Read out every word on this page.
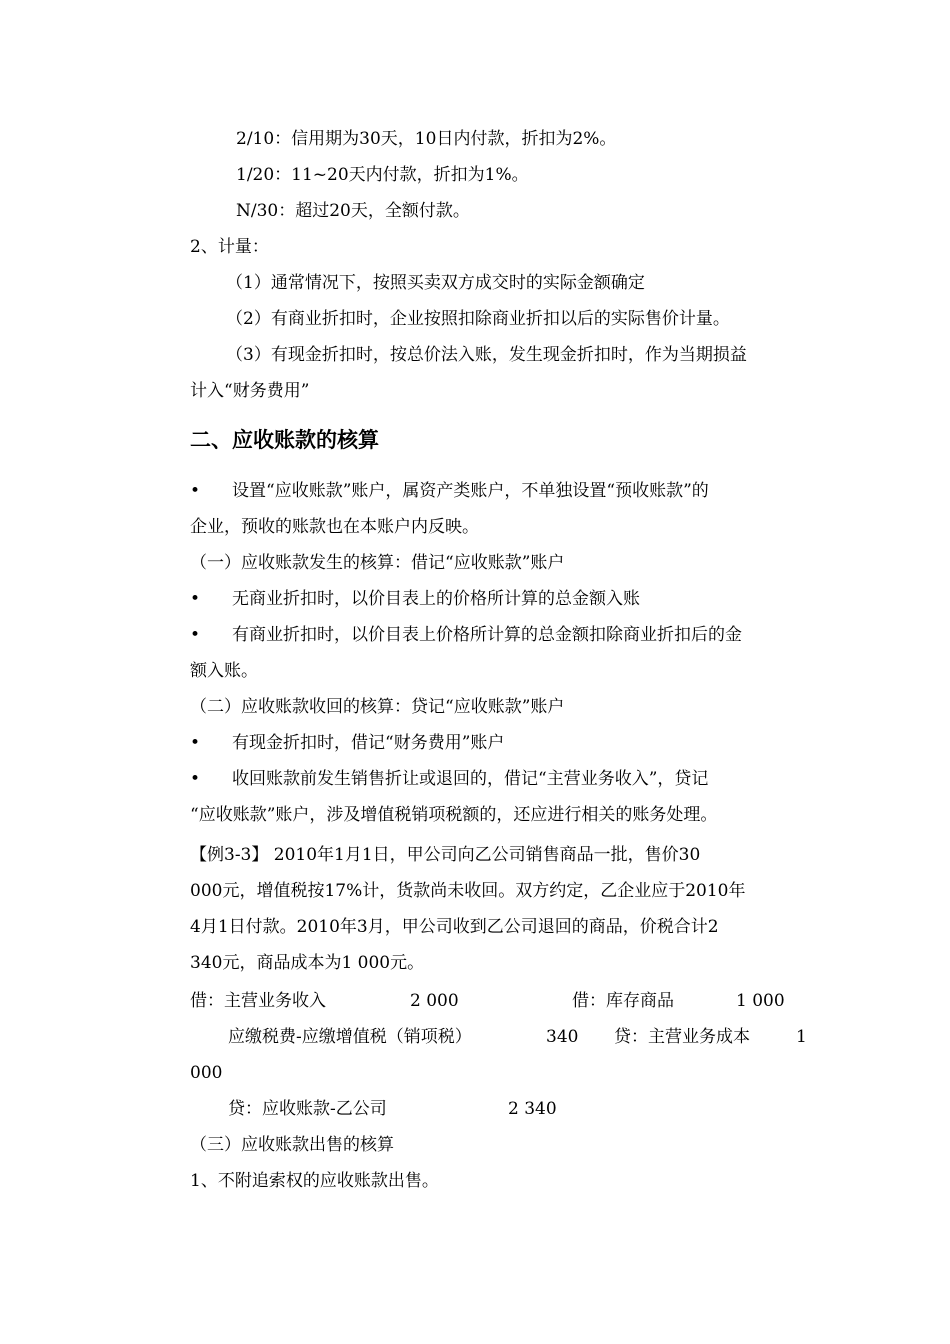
2/10：信用期为30天，10日内付款，折扣为2%。
1/20：11~20天内付款，折扣为1%。
N/30：超过20天，全额付款。
2、计量：
（1）通常情况下，按照买卖双方成交时的实际金额确定
（2）有商业折扣时，企业按照扣除商业折扣以后的实际售价计量。
（3）有现金折扣时，按总价法入账，发生现金折扣时，作为当期损益
计入“财务费用”
二、应收账款的核算
• 设置“应收账款”账户，属资产类账户，不单独设置“预收账款”的
企业，预收的账款也在本账户内反映。
（一）应收账款发生的核算：借记“应收账款”账户
• 无商业折扣时，以价目表上的价格所计算的总金额入账
• 有商业折扣时，以价目表上价格所计算的总金额扣除商业折扣后的金
额入账。
（二）应收账款收回的核算：贷记“应收账款”账户
• 有现金折扣时，借记“财务费用”账户
• 收回账款前发生销售折让或退回的，借记“主营业务收入”，贷记
“应收账款”账户，涉及增值税销项税额的，还应进行相关的账务处理。
【例3-3】 2010年1月1日，甲公司向乙公司销售商品一批，售价30
000元，增值税按17%计，货款尚未收回。双方约定，乙企业应于2010年
4月1日付款。2010年3月，甲公司收到乙公司退回的商品，价税合计2
340元，商品成本为1 000元。
借：主营业务收入	2 000	借：库存商品	1 000
应缴税费-应缴增值税（销项税）	340 贷：主营业务成本	1
000
贷：应收账款-乙公司	2 340
（三）应收账款出售的核算
1、不附追索权的应收账款出售。
